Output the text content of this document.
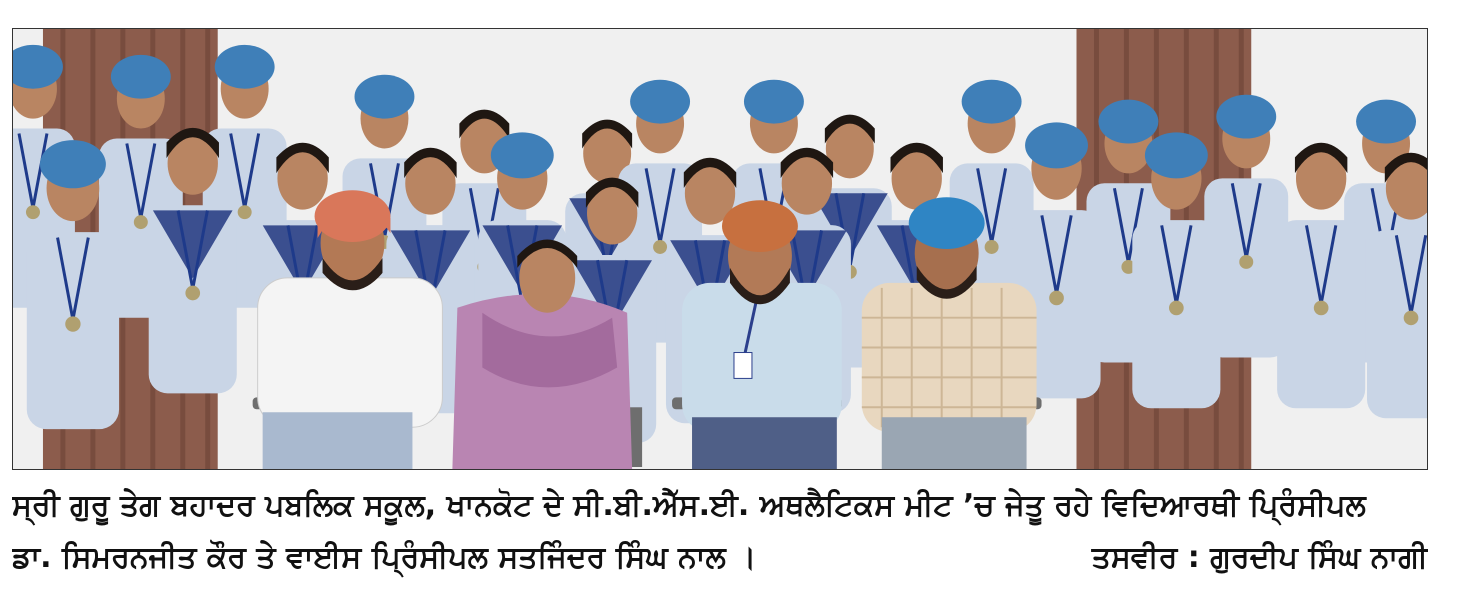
ਸ੍ਰੀ ਗੁਰੂ ਤੇਗ ਬਹਾਦਰ ਪਬਲਿਕ ਸਕੂਲ, ਖਾਨਕੋਟ ਦੇ ਸੀ.ਬੀ.ਐੱਸ.ਈ. ਅਥਲੈਟਿਕਸ ਮੀਟ ’ਚ ਜੇਤੂ ਰਹੇ ਵਿਦਿਆਰਥੀ ਪ੍ਰਿੰਸੀਪਲ
ਡਾ. ਸਿਮਰਨਜੀਤ ਕੌਰ ਤੇ ਵਾਈਸ ਪ੍ਰਿੰਸੀਪਲ ਸਤਜਿੰਦਰ ਸਿੰਘ ਨਾਲ ।	ਤਸਵੀਰ : ਗੁਰਦੀਪ ਸਿੰਘ ਨਾਗੀ
